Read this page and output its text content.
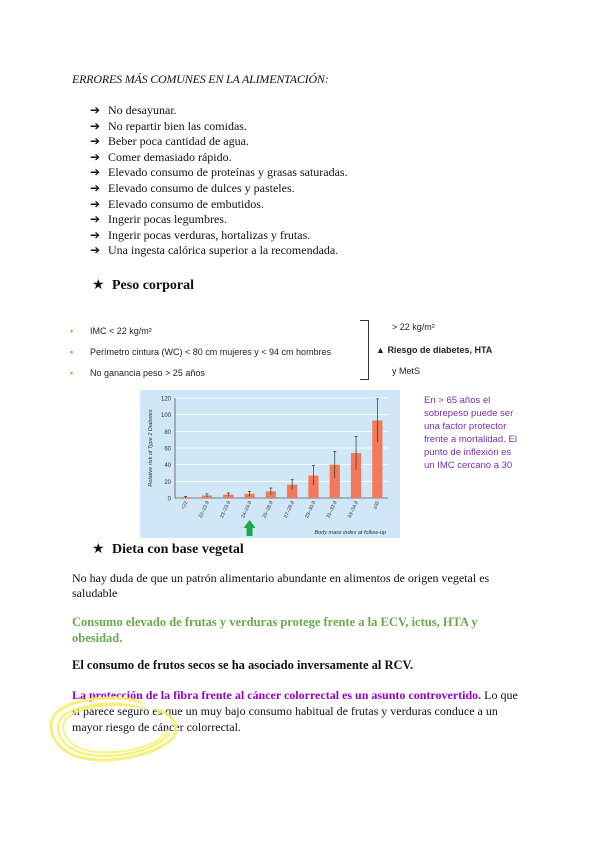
ERRORES MÁS COMUNES EN LA ALIMENTACIÓN:
➔ No desayunar.
➔ No repartir bien las comidas.
➔ Beber poca cantidad de agua.
➔ Comer demasiado rápido.
➔ Elevado consumo de proteínas y grasas saturadas.
➔ Elevado consumo de dulces y pasteles.
➔ Elevado consumo de embutidos.
➔ Ingerir pocas legumbres.
➔ Ingerir pocas verduras, hortalizas y frutas.
➔ Una ingesta calórica superior a la recomendada.
★ Peso corporal
• IMC < 22 kg/m²
• Perímetro cintura (WC) < 80 cm mujeres y < 94 cm hombres
• No ganancia peso > 25 años
> 22 kg/m²
▲ Riesgo de diabetes, HTA
y MetS
0
20
40
60
80
100
120
Relative risk of Type 2 Diabetes
<22 22–22.9 23–23.9 24–24.9 25–26.9 27–28.9 29–30.9 31–32.9 33–34.9 ≥35
Body mass index at follow-up
En > 65 años el sobrepeso puede ser una factor protector frente a mortalidad. El punto de inflexión es un IMC cercano a 30
★ Dieta con base vegetal
No hay duda de que un patrón alimentario abundante en alimentos de origen vegetal es saludable
Consumo elevado de frutas y verduras protege frente a la ECV, ictus, HTA y obesidad.
El consumo de frutos secos se ha asociado inversamente al RCV.
La protección de la fibra frente al cáncer colorrectal es un asunto controvertido. Lo que sí parece seguro es que un muy bajo consumo habitual de frutas y verduras conduce a un mayor riesgo de cáncer colorrectal.
